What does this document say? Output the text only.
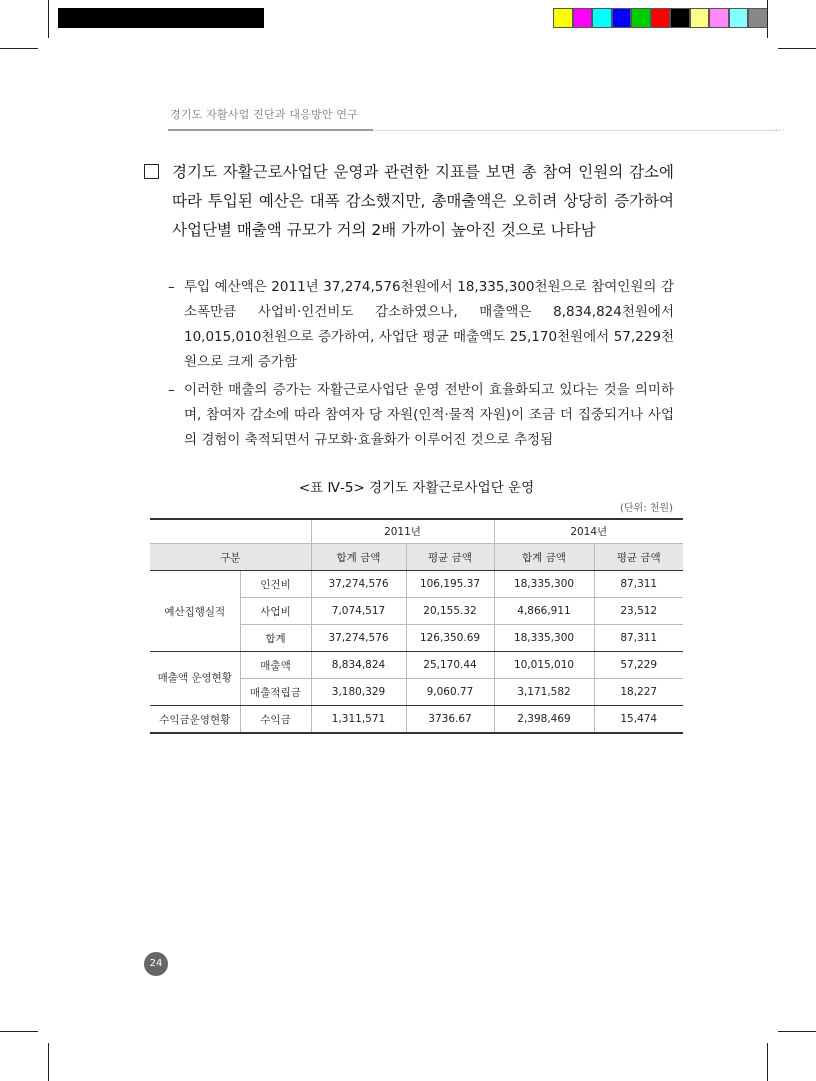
경기도 자활사업 진단과 대응방안 연구
·····
경기도 자활근로사업단 운영과 관련한 지표를 보면 총 참여 인원의 감소에 따라 투입된 예산은 대폭 감소했지만, 총매출액은 오히려 상당히 증가하여 사업단별 매출액 규모가 거의 2배 가까이 높아진 것으로 나타남
– 투입 예산액은 2011년 37,274,576천원에서 18,335,300천원으로 참여인원의 감소폭만큼 사업비·인건비도 감소하였으나, 매출액은 8,834,824천원에서 10,015,010천원으로 증가하여, 사업단 평균 매출액도 25,170천원에서 57,229천원으로 크게 증가함
– 이러한 매출의 증가는 자활근로사업단 운영 전반이 효율화되고 있다는 것을 의미하며, 참여자 감소에 따라 참여자 당 자원(인적·물적 자원)이 조금 더 집중되거나 사업의 경험이 축적되면서 규모화·효율화가 이루어진 것으로 추정됨
<표 Ⅳ-5> 경기도 자활근로사업단 운영
(단위: 천원)
		2011년		2014년	
구분		합계 금액	평균 금액	합계 금액	평균 금액
예산집행실적	인건비	37,274,576	106,195.37	18,335,300	87,311
	사업비	7,074,517	20,155.32	4,866,911	23,512
	합계	37,274,576	126,350.69	18,335,300	87,311
매출액 운영현황	매출액	8,834,824	25,170.44	10,015,010	57,229
	매출적립금	3,180,329	9,060.77	3,171,582	18,227
수익금운영현황	수익금	1,311,571	3736.67	2,398,469	15,474
24
